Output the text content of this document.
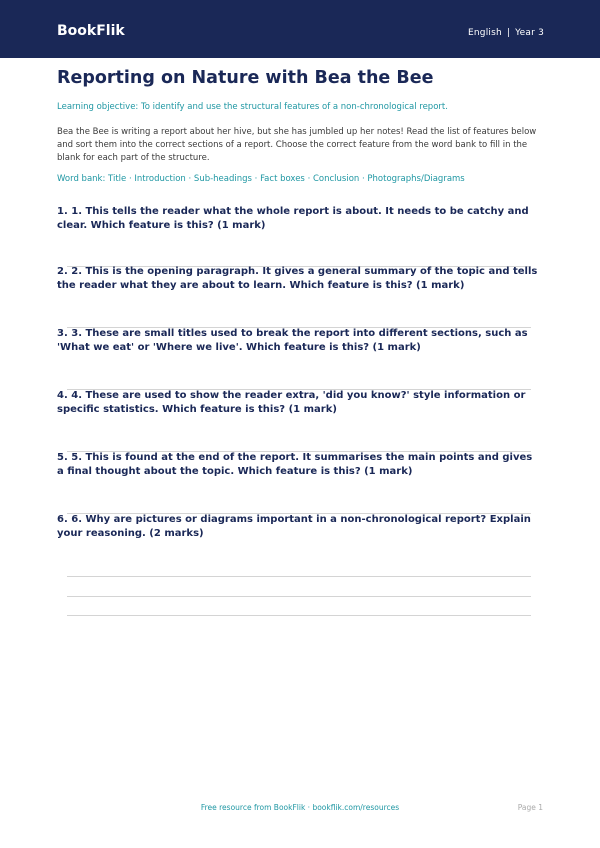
BookFlik	English | Year 3
Reporting on Nature with Bea the Bee
Learning objective: To identify and use the structural features of a non-chronological report.
Bea the Bee is writing a report about her hive, but she has jumbled up her notes! Read the list of features below and sort them into the correct sections of a report. Choose the correct feature from the word bank to fill in the blank for each part of the structure.
Word bank: Title · Introduction · Sub-headings · Fact boxes · Conclusion · Photographs/Diagrams
1. 1. This tells the reader what the whole report is about. It needs to be catchy and clear. Which feature is this? (1 mark)
2. 2. This is the opening paragraph. It gives a general summary of the topic and tells the reader what they are about to learn. Which feature is this? (1 mark)
3. 3. These are small titles used to break the report into different sections, such as 'What we eat' or 'Where we live'. Which feature is this? (1 mark)
4. 4. These are used to show the reader extra, 'did you know?' style information or specific statistics. Which feature is this? (1 mark)
5. 5. This is found at the end of the report. It summarises the main points and gives a final thought about the topic. Which feature is this? (1 mark)
6. 6. Why are pictures or diagrams important in a non-chronological report? Explain your reasoning. (2 marks)
Free resource from BookFlik · bookflik.com/resources	Page 1
